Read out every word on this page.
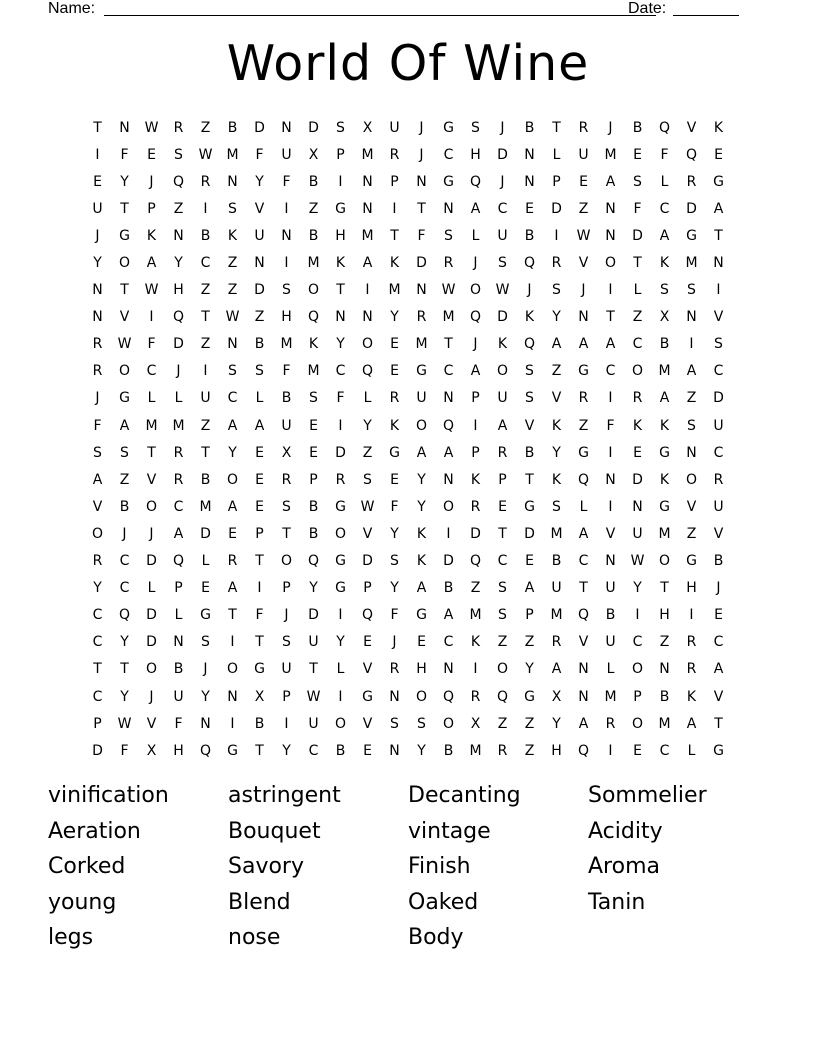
Name:	Date:
World Of Wine
T	N	W	R	Z	B	D	N	D	S	X	U	J	G	S	J	B	T	R	J	B	Q	V	K
I	F	E	S	W	M	F	U	X	P	M	R	J	C	H	D	N	L	U	M	E	F	Q	E
E	Y	J	Q	R	N	Y	F	B	I	N	P	N	G	Q	J	N	P	E	A	S	L	R	G
U	T	P	Z	I	S	V	I	Z	G	N	I	T	N	A	C	E	D	Z	N	F	C	D	A
J	G	K	N	B	K	U	N	B	H	M	T	F	S	L	U	B	I	W	N	D	A	G	T
Y	O	A	Y	C	Z	N	I	M	K	A	K	D	R	J	S	Q	R	V	O	T	K	M	N
N	T	W	H	Z	Z	D	S	O	T	I	M	N	W	O	W	J	S	J	I	L	S	S	I
N	V	I	Q	T	W	Z	H	Q	N	N	Y	R	M	Q	D	K	Y	N	T	Z	X	N	V
R	W	F	D	Z	N	B	M	K	Y	O	E	M	T	J	K	Q	A	A	A	C	B	I	S
R	O	C	J	I	S	S	F	M	C	Q	E	G	C	A	O	S	Z	G	C	O	M	A	C
J	G	L	L	U	C	L	B	S	F	L	R	U	N	P	U	S	V	R	I	R	A	Z	D
F	A	M	M	Z	A	A	U	E	I	Y	K	O	Q	I	A	V	K	Z	F	K	K	S	U
S	S	T	R	T	Y	E	X	E	D	Z	G	A	A	P	R	B	Y	G	I	E	G	N	C
A	Z	V	R	B	O	E	R	P	R	S	E	Y	N	K	P	T	K	Q	N	D	K	O	R
V	B	O	C	M	A	E	S	B	G	W	F	Y	O	R	E	G	S	L	I	N	G	V	U
O	J	J	A	D	E	P	T	B	O	V	Y	K	I	D	T	D	M	A	V	U	M	Z	V
R	C	D	Q	L	R	T	O	Q	G	D	S	K	D	Q	C	E	B	C	N	W	O	G	B
Y	C	L	P	E	A	I	P	Y	G	P	Y	A	B	Z	S	A	U	T	U	Y	T	H	J
C	Q	D	L	G	T	F	J	D	I	Q	F	G	A	M	S	P	M	Q	B	I	H	I	E
C	Y	D	N	S	I	T	S	U	Y	E	J	E	C	K	Z	Z	R	V	U	C	Z	R	C
T	T	O	B	J	O	G	U	T	L	V	R	H	N	I	O	Y	A	N	L	O	N	R	A
C	Y	J	U	Y	N	X	P	W	I	G	N	O	Q	R	Q	G	X	N	M	P	B	K	V
P	W	V	F	N	I	B	I	U	O	V	S	S	O	X	Z	Z	Y	A	R	O	M	A	T
D	F	X	H	Q	G	T	Y	C	B	E	N	Y	B	M	R	Z	H	Q	I	E	C	L	G
vinification	astringent	Decanting	Sommelier
Aeration	Bouquet	vintage	Acidity
Corked	Savory	Finish	Aroma
young	Blend	Oaked	Tanin
legs	nose	Body
